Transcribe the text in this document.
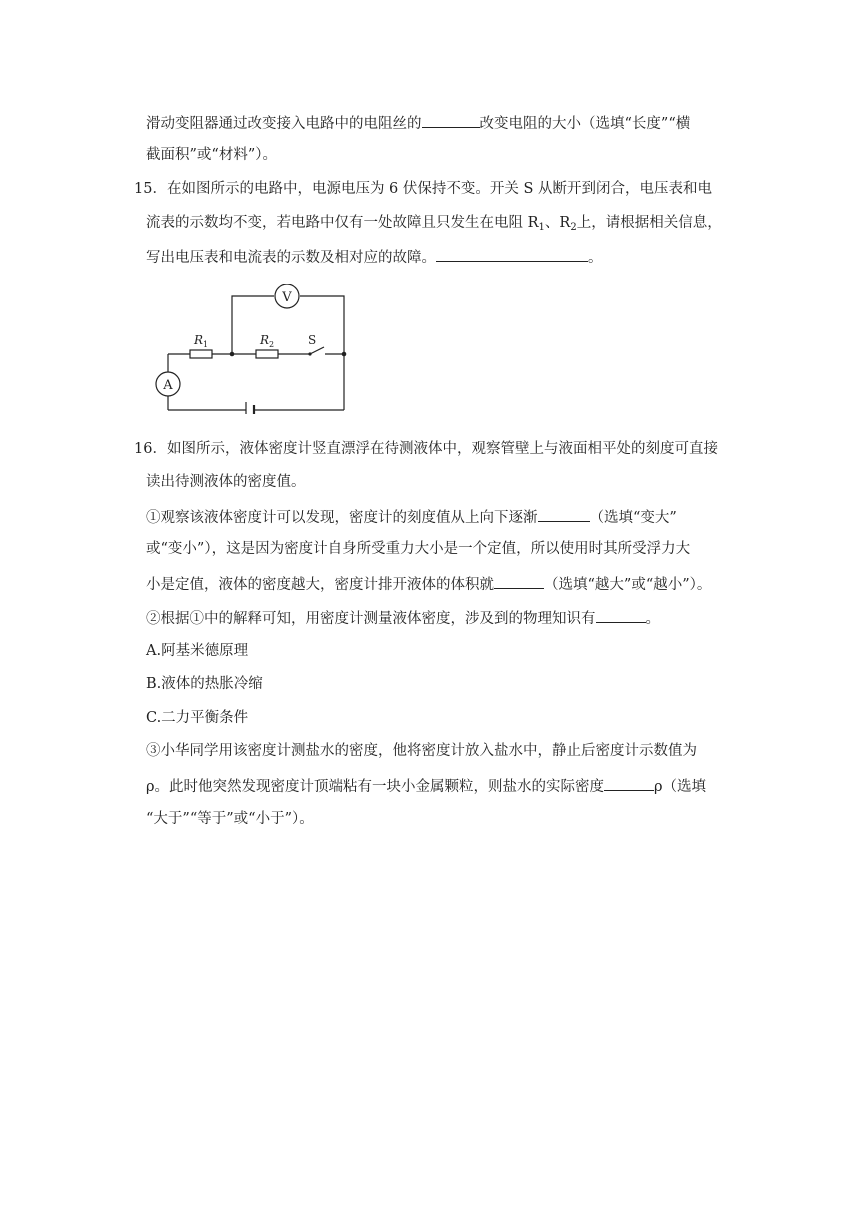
滑动变阻器通过改变接入电路中的电阻丝的	改变电阻的大小（选填“长度”“横
截面积”或“材料”）。
15．在如图所示的电路中，电源电压为 6 伏保持不变。开关 S 从断开到闭合，电压表和电
流表的示数均不变，若电路中仅有一处故障且只发生在电阻 $R_1$、$R_2$上，请根据相关信息，
写出电压表和电流表的示数及相对应的故障。	。
V
A
R 1	R 2	S
16．如图所示，液体密度计竖直漂浮在待测液体中，观察管壁上与液面相平处的刻度可直接
读出待测液体的密度值。
①观察该液体密度计可以发现，密度计的刻度值从上向下逐渐	（选填“变大”
或“变小”），这是因为密度计自身所受重力大小是一个定值，所以使用时其所受浮力大
小是定值，液体的密度越大，密度计排开液体的体积就	（选填“越大”或“越小”）。
②根据①中的解释可知，用密度计测量液体密度，涉及到的物理知识有	。
A.阿基米德原理
B.液体的热胀冷缩
C.二力平衡条件
③小华同学用该密度计测盐水的密度，他将密度计放入盐水中，静止后密度计示数值为
ρ。此时他突然发现密度计顶端粘有一块小金属颗粒，则盐水的实际密度	ρ（选填
“大于”“等于”或“小于”）。
